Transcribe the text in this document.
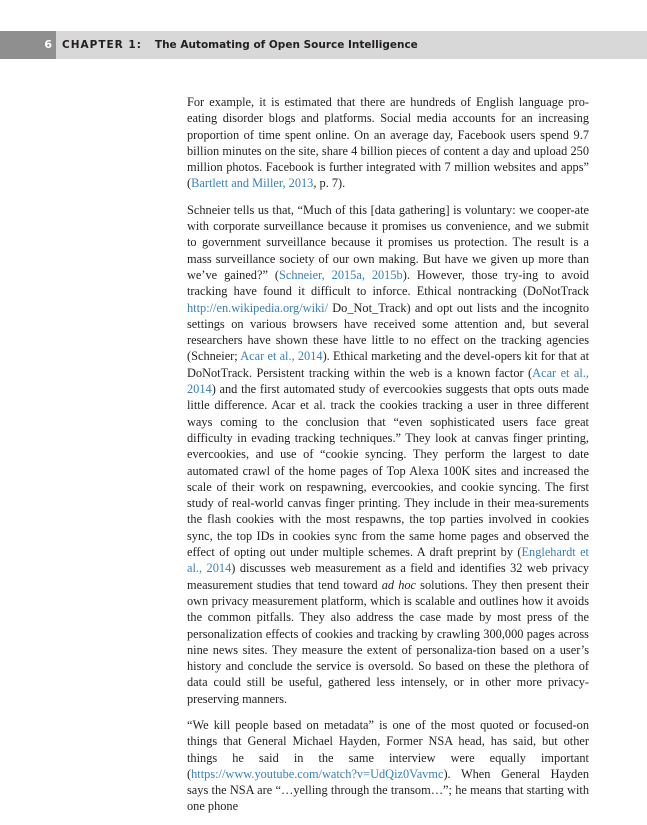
6 CHAPTER 1: The Automating of Open Source Intelligence

For example, it is estimated that there are hundreds of English language pro-eating disorder blogs and platforms. Social media accounts for an increasing proportion of time spent online. On an average day, Facebook users spend 9.7 billion minutes on the site, share 4 billion pieces of content a day and upload 250 million photos. Facebook is further integrated with 7 million websites and apps” (Bartlett and Miller, 2013, p. 7).

Schneier tells us that, “Much of this [data gathering] is voluntary: we cooper-ate with corporate surveillance because it promises us convenience, and we submit to government surveillance because it promises us protection. The result is a mass surveillance society of our own making. But have we given up more than we’ve gained?” (Schneier, 2015a, 2015b). However, those try-ing to avoid tracking have found it difficult to inforce. Ethical nontracking (DoNotTrack http://en.wikipedia.org/wiki/ Do_Not_Track) and opt out lists and the incognito settings on various browsers have received some attention and, but several researchers have shown these have little to no effect on the tracking agencies (Schneier; Acar et al., 2014). Ethical marketing and the devel-opers kit for that at DoNotTrack. Persistent tracking within the web is a known factor (Acar et al., 2014) and the first automated study of evercookies suggests that opts outs made little difference. Acar et al. track the cookies tracking a user in three different ways coming to the conclusion that “even sophisticated users face great difficulty in evading tracking techniques.” They look at canvas finger printing, evercookies, and use of “cookie syncing. They perform the largest to date automated crawl of the home pages of Top Alexa 100K sites and increased the scale of their work on respawning, evercookies, and cookie syncing. The first study of real-world canvas finger printing. They include in their mea-surements the flash cookies with the most respawns, the top parties involved in cookies sync, the top IDs in cookies sync from the same home pages and observed the effect of opting out under multiple schemes. A draft preprint by (Englehardt et al., 2014) discusses web measurement as a field and identifies 32 web privacy measurement studies that tend toward ad hoc solutions. They then present their own privacy measurement platform, which is scalable and outlines how it avoids the common pitfalls. They also address the case made by most press of the personalization effects of cookies and tracking by crawling 300,000 pages across nine news sites. They measure the extent of personaliza-tion based on a user’s history and conclude the service is oversold. So based on these the plethora of data could still be useful, gathered less intensely, or in other more privacy-preserving manners.

“We kill people based on metadata” is one of the most quoted or focused-on things that General Michael Hayden, Former NSA head, has said, but other things he said in the same interview were equally important (https://www.youtube.com/watch?v=UdQiz0Vavmc). When General Hayden says the NSA are “…yelling through the transom…”; he means that starting with one phone
